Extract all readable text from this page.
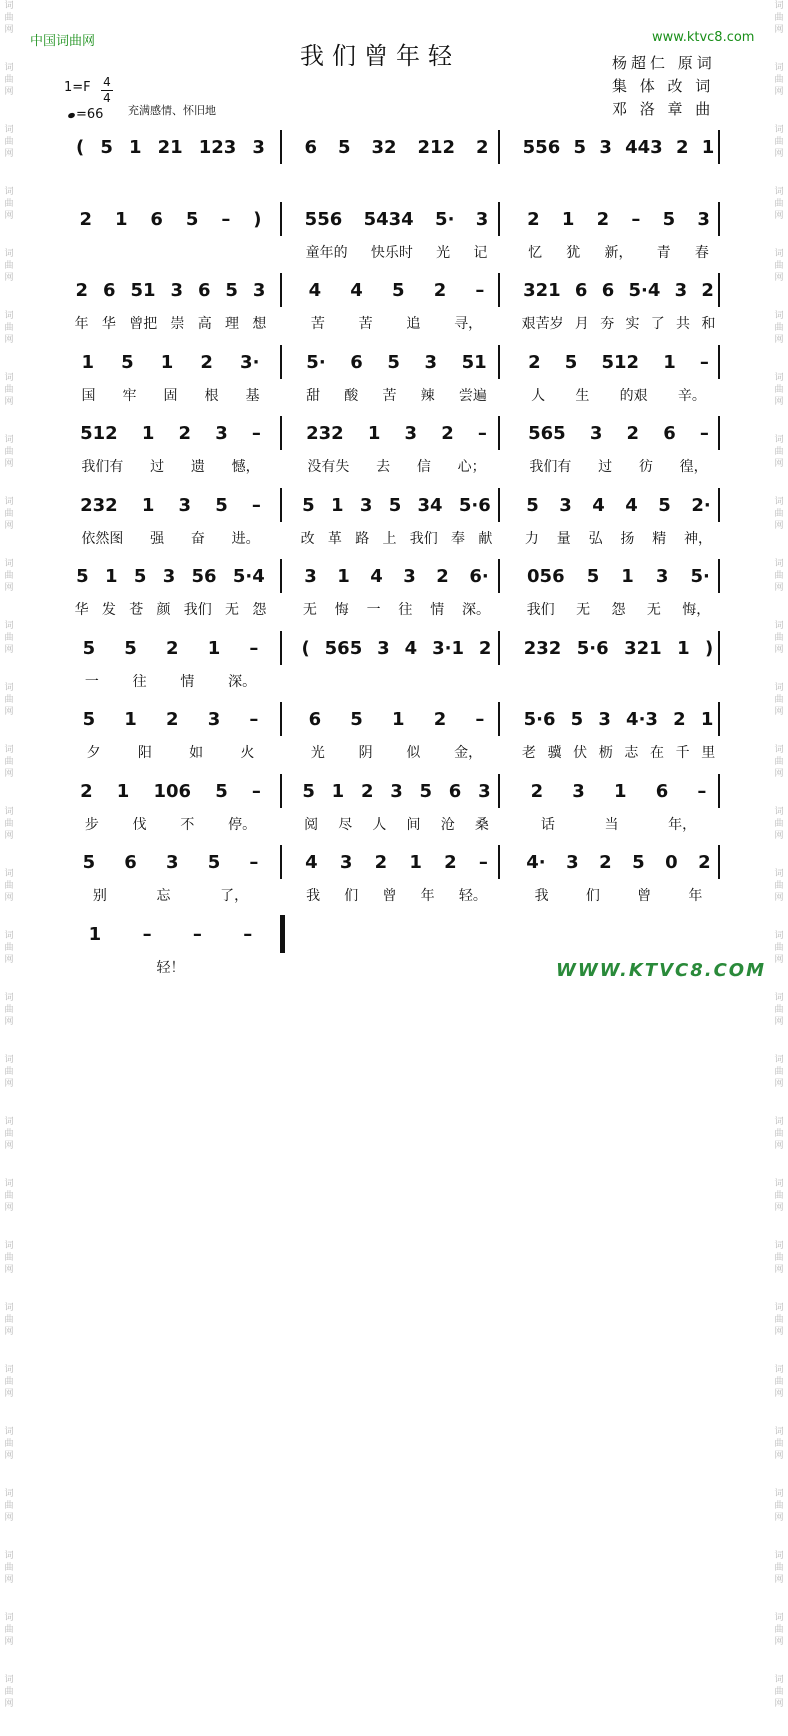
词
曲
网
词
曲
网
词
曲
网
词
曲
网
词
曲
网
词
曲
网
词
曲
网
词
曲
网
词
曲
网
词
曲
网
词
曲
网
词
曲
网
词
曲
网
词
曲
网
词
曲
网
词
曲
网
词
曲
网
词
曲
网
词
曲
网
词
曲
网
词
曲
网
词
曲
网
词
曲
网
词
曲
网
词
曲
网
词
曲
网
词
曲
网
词
曲
网
词
曲
网
词
曲
网
词
曲
网
词
曲
网
词
曲
网
词
曲
网
词
曲
网
词
曲
网
词
曲
网
词
曲
网
词
曲
网
词
曲
网
词
曲
网
词
曲
网
词
曲
网
词
曲
网
词
曲
网
词
曲
网
词
曲
网
词
曲
网
词
曲
网
词
曲
网
词
曲
网
词
曲
网
词
曲
网
词
曲
网
词
曲
网
词
曲
网
中国词曲网	www.ktvc8.com
我们曾年轻	杨超仁 原词
集 体 改 词
邓 洛 章 曲
1=F 4
4
=66 充满感情、怀旧地
( 5 1 21 123 3 6 5 32 212 2 556 5 3 443 2 1
2 1 6 5 – ) 556 5434 5· 3 2 1 2 – 5 3
童年的 快乐时 光 记	忆 犹 新， 青 春
2 6 51 3 6 5 3 4 4 5 2 – 321 6 6 5·4 3 2
年 华 曾把 崇 高 理 想	苦 苦 追 寻，	艰苦岁 月 夯 实 了 共 和
1 5 1 2 3·	5· 6 5 3 51 2 5 512 1 –
国 牢 固 根 基	甜 酸 苦 辣 尝遍	人 生 的艰 辛。
512 1 2 3 –	232 1 3 2 – 565 3 2 6 –
我们有 过 遗 憾，	没有失 去 信 心；	我们有 过 彷 徨，
232 1 3 5 – 5 1 3 5 34 5·6 5 3 4 4 5 2·
依然图 强 奋 进。	改 革 路 上 我们 奉 献 力 量 弘 扬 精 神，
5 1 5 3 56 5·4 3 1 4 3 2 6· 056 5 1 3 5·
华 发 苍 颜 我们 无 怨	无 悔 一 往 情 深。	我们 无 怨 无 悔，
5 5 2 1 – ( 565 3 4 3·1 2 232 5·6 321 1 )
一 往 情 深。
5 1 2 3 –	6 5 1 2 – 5·6 5 3 4·3 2 1
夕	阳	如	火	光 阴 似 金，	老 骥 伏 枥 志 在 千 里
2 1 106 5 – 5 1 2 3 5 6 3 2 3 1 6 –
步 伐 不 停。	阅 尽 人 间 沧 桑	话	当	年，
5 6 3 5 –	4 3 2 1 2 – 4· 3 2 5 0 2
别	忘	了，	我 们 曾 年 轻。	我	们	曾	年
1 – – –
轻！	WWW.KTVC8.COM
